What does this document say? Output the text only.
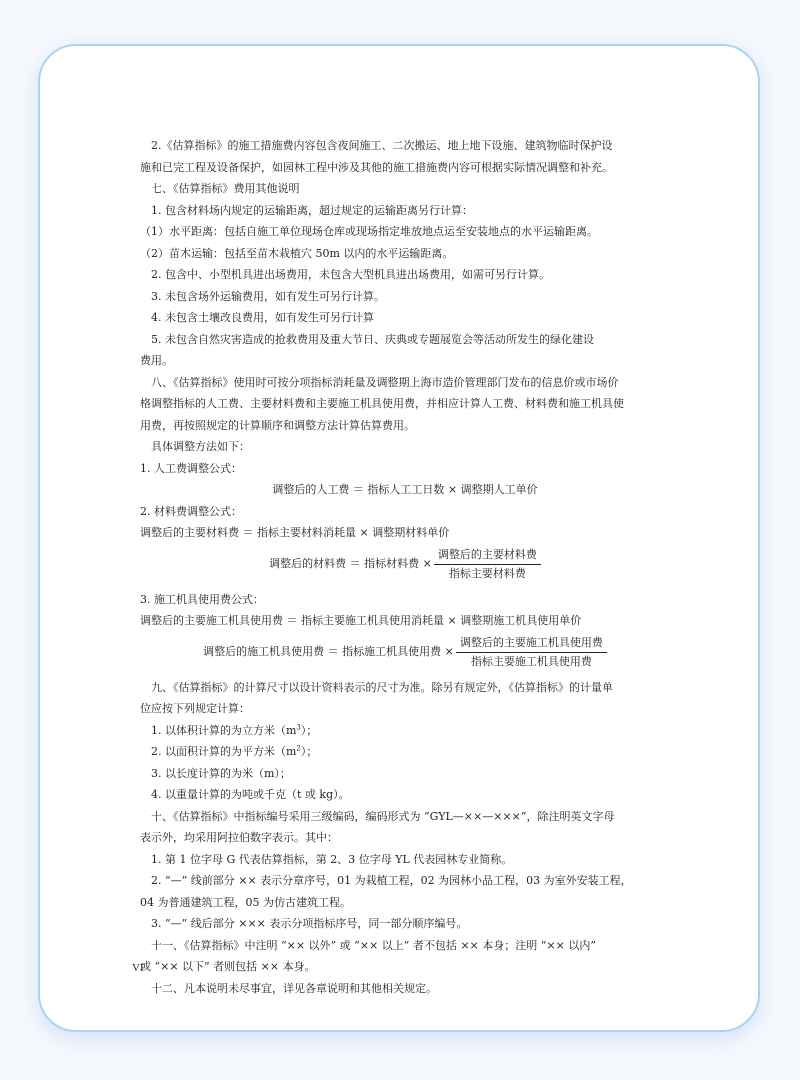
2.《估算指标》的施工措施费内容包含夜间施工、二次搬运、地上地下设施、建筑物临时保护设

施和已完工程及设备保护，如园林工程中涉及其他的施工措施费内容可根据实际情况调整和补充。

七、《估算指标》费用其他说明

1. 包含材料场内规定的运输距离，超过规定的运输距离另行计算：

（1）水平距离：包括自施工单位现场仓库或现场指定堆放地点运至安装地点的水平运输距离。

（2）苗木运输：包括至苗木栽植穴 50m 以内的水平运输距离。

2. 包含中、小型机具进出场费用，未包含大型机具进出场费用，如需可另行计算。

3. 未包含场外运输费用，如有发生可另行计算。

4. 未包含土壤改良费用，如有发生可另行计算

5. 未包含自然灾害造成的抢救费用及重大节日、庆典或专题展览会等活动所发生的绿化建设

费用。

八、《估算指标》使用时可按分项指标消耗量及调整期上海市造价管理部门发布的信息价或市场价

格调整指标的人工费、主要材料费和主要施工机具使用费，并相应计算人工费、材料费和施工机具使

用费，再按照规定的计算顺序和调整方法计算估算费用。

具体调整方法如下：

1. 人工费调整公式：

调整后的人工费 ＝ 指标人工工日数 × 调整期人工单价

2. 材料费调整公式：

调整后的主要材料费 ＝ 指标主要材料消耗量 × 调整期材料单价

调整后的材料费 ＝ 指标材料费 × $\frac{\text{调整后的主要材料费}}{\text{指标主要材料费}}$

3. 施工机具使用费公式：

调整后的主要施工机具使用费 ＝ 指标主要施工机具使用消耗量 × 调整期施工机具使用单价

调整后的施工机具使用费 ＝ 指标施工机具使用费 × $\frac{\text{调整后的主要施工机具使用费}}{\text{指标主要施工机具使用费}}$

九、《估算指标》的计算尺寸以设计资料表示的尺寸为准。除另有规定外，《估算指标》的计量单

位应按下列规定计算：

1. 以体积计算的为立方米$(m^3)$；

2. 以面积计算的为平方米$(m^2)$；

3. 以长度计算的为米（m）；

4. 以重量计算的为吨或千克（t 或 kg）。

十、《估算指标》中指标编号采用三级编码，编码形式为 “GYL—××—×××”，除注明英文字母

表示外，均采用阿拉伯数字表示。其中：

1. 第 1 位字母 G 代表估算指标，第 2、3 位字母 YL 代表园林专业简称。

2. “—” 线前部分 ×× 表示分章序号，01 为栽植工程，02 为园林小品工程，03 为室外安装工程，

04 为普通建筑工程，05 为仿古建筑工程。

3. “—” 线后部分 ××× 表示分项指标序号，同一部分顺序编号。

十一、《估算指标》中注明 “×× 以外” 或 “×× 以上” 者不包括 ×× 本身；注明 “×× 以内”

或 “×× 以下” 者则包括 ×× 本身。

十二、凡本说明未尽事宜，详见各章说明和其他相关规定。

VI
